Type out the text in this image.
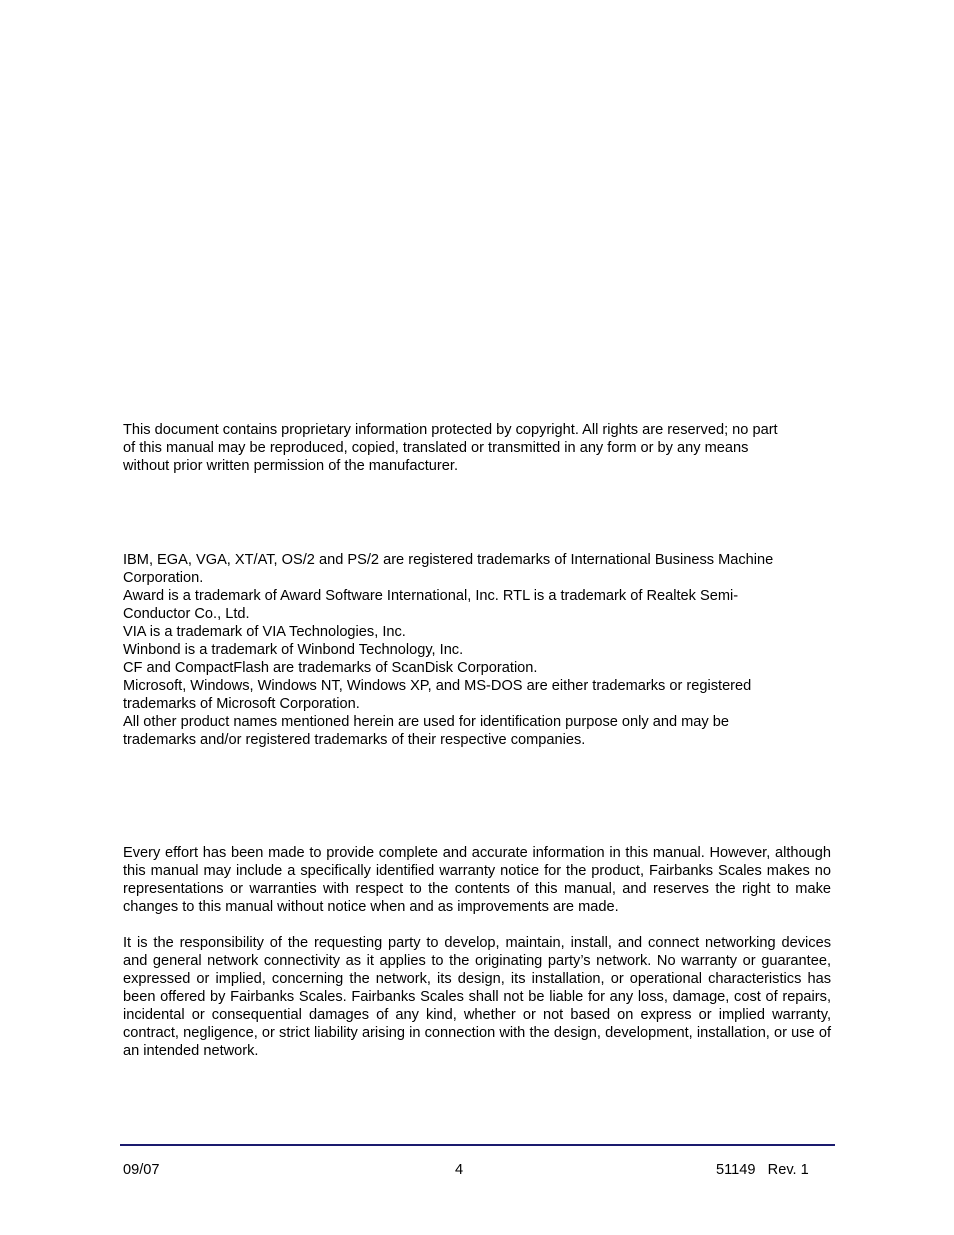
This document contains proprietary information protected by copyright. All rights are reserved; no part
of this manual may be reproduced, copied, translated or transmitted in any form or by any means
without prior written permission of the manufacturer.

IBM, EGA, VGA, XT/AT, OS/2 and PS/2 are registered trademarks of International Business Machine
Corporation.

Award is a trademark of Award Software International, Inc. RTL is a trademark of Realtek Semi-
Conductor Co., Ltd.

VIA is a trademark of VIA Technologies, Inc.

Winbond is a trademark of Winbond Technology, Inc.

CF and CompactFlash are trademarks of ScanDisk Corporation.

Microsoft, Windows, Windows NT, Windows XP, and MS-DOS are either trademarks or registered
trademarks of Microsoft Corporation.

All other product names mentioned herein are used for identification purpose only and may be
trademarks and/or registered trademarks of their respective companies.

Every effort has been made to provide complete and accurate information in this manual. However, although this manual may include a specifically identified warranty notice for the product, Fairbanks Scales makes no representations or warranties with respect to the contents of this manual, and reserves the right to make changes to this manual without notice when and as improvements are made.

It is the responsibility of the requesting party to develop, maintain, install, and connect networking devices and general network connectivity as it applies to the originating party’s network. No warranty or guarantee, expressed or implied, concerning the network, its design, its installation, or operational characteristics has been offered by Fairbanks Scales. Fairbanks Scales shall not be liable for any loss, damage, cost of repairs, incidental or consequential damages of any kind, whether or not based on express or implied warranty, contract, negligence, or strict liability arising in connection with the design, development, installation, or use of an intended network.

09/07	4	51149   Rev. 1
